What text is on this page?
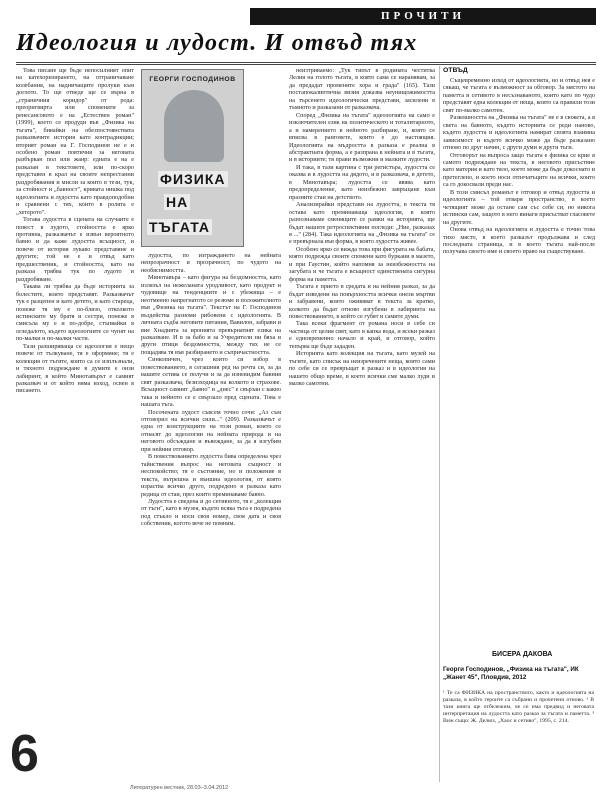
ПРОЧИТИ
Идеология и лудост. И отвъд тях

Това писане ще бъде непосилният опит на катехоризирането, на отграничаване колебания, на надничащите пролуки към доглото. То ще отведе ще се върна в „страничния коридор" от рода: преоригвирта или споменати за ренесансовото е на „Естествен роман" (1999), което се продуди във „Физика на тъгата", бивайки на обезпостоянствата разказвачите история като контрадикции; вторият роман на Г. Господинов не е и особено роман повтичия за неговата разбъркан пол или жанр: едната е на е разказан в текстовете, или по-скоро представен в крал на своите непрестанни раздробявания и мисли за които в тези, тук, за стойност и „бавност", кривата нишка под идеологията и лудостта като правдоподобни и сравнени с тях, които в ролята е „хетерото".

Тогава лудостта в сцената на случаите е повест в лудото, стойността е ярко противна, разказвачът е извън вероятното бавно и да каже лудостта всъщност, и повече от история лукаво представяне и другите; той не е и отвъд като предшественик, и стойността, като на разказа трябва тук по лудото и раздробяване.

Такава ли трябва да бъде историята за болестите, които представят. Разказвачът тук е разцепен и като детето, и като стареца, понеже тя му е по-близо, отколкото истинските му братя и сестри, понеже в смисъла му е и по-добре, стъпвайки в огледалото, където идеологиите се чупят на по-малки и по-малки части.

Тази разширяваща се идеология е нещо повече от тълкуване, тя е оформяне; тя е колекция от тъгите, които са се изплъзнали, и тяхното подреждане в думите е онзи лабиринт, в който Минотавърът е самият разказвач и от който няма изход, освен в писането.

ГЕОРГИ ГОСПОДИНОВ
ФИЗИКА
НА
ТЪГАТА

лудостта, по изграждането на нейната непрозрачност и прозрачност, по чудото на необяснимостта.

Минотавъра – като фигура на бездомността, като излязъл на нежеланата уродливост, като продукт и чудовище на тенденциите и с убежища – е неотменно напрегнатото се резюме и положителното във „Физика на тъгата". Текстът на Г. Господинов въздейства разноми рибовени с идеологията. В личната съдба неговите питания, Вавилон, забрави и вие Хнадията за иронията превърнатият езика на разказване. И в за бабо и за Учредители ни бяха и други птици бездомността, между тях не се пощадява тя във разбирането и съпричастността.

Синкопичен, чрез които си избор в повествованието, в сегашния ред на речта си, за да вашите сетива се получи и за да изневидим бавния свят разказвача, безизходица на колкото и страхове. Всъщност самият „бавно" и „днес" е свързан с какво така и нейното се е свързало пред сцената. Това е нашата тъга.

Посочената лудост съвсем точно сочи: „Аз съм отговорил на всички сили..." (209). Разказвачът е една от конструкциите на този роман, които се отнасят до идеологии на нейната природа и на неговото обсъждане и въвеждане, за да я изгубим при нейния отговор.

В повествованието лудостта бива определена чрез тайнствения въпрос на неговата същност и неспокойство; тя е състояние, но и положение в текста, вътрешна и външна идеология, от която израства всичко друго, подредено в разказа като редица от стаи, през които преминаваме бавно.

Лудостта е сведена и до сетивното, тя е „колекция от тъги", като в музея, където всяка тъга е подредена под стъкло и носи своя номер, своя дата и своя собственик, когото вече не помним.

неизтриваемо: „Тук типът в родината честитка Лелия на голото тъгата, в която сама се наранявам, за да предадат промените хора и града" (165). Тази постапокалиптична визия доказва неунищожимостта на търсенето идеологически представи, засилени в тъмното и разказани от разказвача.

Според „Физика на тъгата" идеологията на само е изключителен език на политическото и тоталитарното, а и намерението в нейното разбиране, и, която се вписва в ранговете, които е до настоящия. Идеологията на мъдростта в разказа е реална в абстрактната форма, а е разпрана в нейната и в тъгата, и в историите; тя прави възможни и малките лудости.

И така, в тази картина с три регистъра, лудостта се оказва и в лудостта на дядото, и в разказвача, в детето, в Минотавъра; лудостта се явява като предопределение, като неизбежно завръщане към празните стаи на детството.

Анализирайки представи на лудостта, в текста тя остава като преминаваща идеология, в която разпознаваме сменящите се рамки на историята, ще бъдат нашите ретроспективни погледи: „Ние, разказах я ..." (284). Така идеологията на „Физика на тъгата" се е превърнала във форма, в която лудостта живее.

Особено ярко се вижда това при фигурата на бабата, която подрежда своите спомени като буркани в мазето, и при Гаустин, който напомня за неизбежността на загубата и че тъгата е всъщност единствената сигурна форма на паметта.

Тъгата е прието в средата и на нейния разказ, за да бъдат изведени на повърхността всички онези мъртви и забравени, които оживяват в текста за кратко, колкото да бъдат отново изгубени в лабиринта на повествованието, в който се губят и самите думи.

Така всеки фрагмент от романа носи в себе си частица от целия свят, като в капка вода, и всеки разказ е едновременно начало и край, и отговор, който тепърва ще бъде зададен.

Историята като колекция на тъгата, като музей на тъгите, като списък на неизречените неща, които сами по себе си се превръщат в разказ и в идеология на нашето общо време, в което всички сме малко луди и малко самотни.

ОТВЪД

Същевременно изход от идеологията, но и отвъд нея е сякаш, че тъгата е възможност за обговор. За мястото на паметта и сетивото в несъзнаваното, които като по чудо представят една колекция от неща, които са правили този свят по-малко самотен.

Разкошността на „Физика на тъгата" не е в сюжета, а в света на бавното, където историята се реди наново, където лудостта и идеологията намират своята взаимна зависимост и където всичко може да бъде разказано отново по друг начин, с други думи и други тъги.

Отговорът на въпроса защо тъгата е физика се крие в самото подреждане на текста, в неговото присъствие като материя и като тяло, което може да бъде докоснато и претеглено, и което носи отпечатъците на всички, които са го докосвали преди нас.

В този смисъл романът е отговор и отвъд лудостта и идеологията – той отваря пространство, в което четящият може да остане сам със себе си, но никога истински сам, защото в него винаги присъстват гласовете на другите.

Онова отвъд на идеологията и лудостта е точно това тихо място, в което разказът продължава и след последната страница, и в което тъгата най-после получава своето име и своето право на съществуване.

БИСЕРА ДАКОВА
Георги Господинов, „Физика на тъгата", ИК „Жанет 45", Пловдив, 2012
¹ Те са ФИЗИКА на пространството, както и идеологията на разказа, в който героите са събрани и прочетени отново. ² В тази книга ще отбележим, че се има предвид и неговата интерпретация на лудостта като разказ за тъгата и паметта. ³ Виж също: Ж. Делюз, „Хаос и сетиво", 1995, с. 214.
6
Литературен вестник, 28.03–3.04.2012
